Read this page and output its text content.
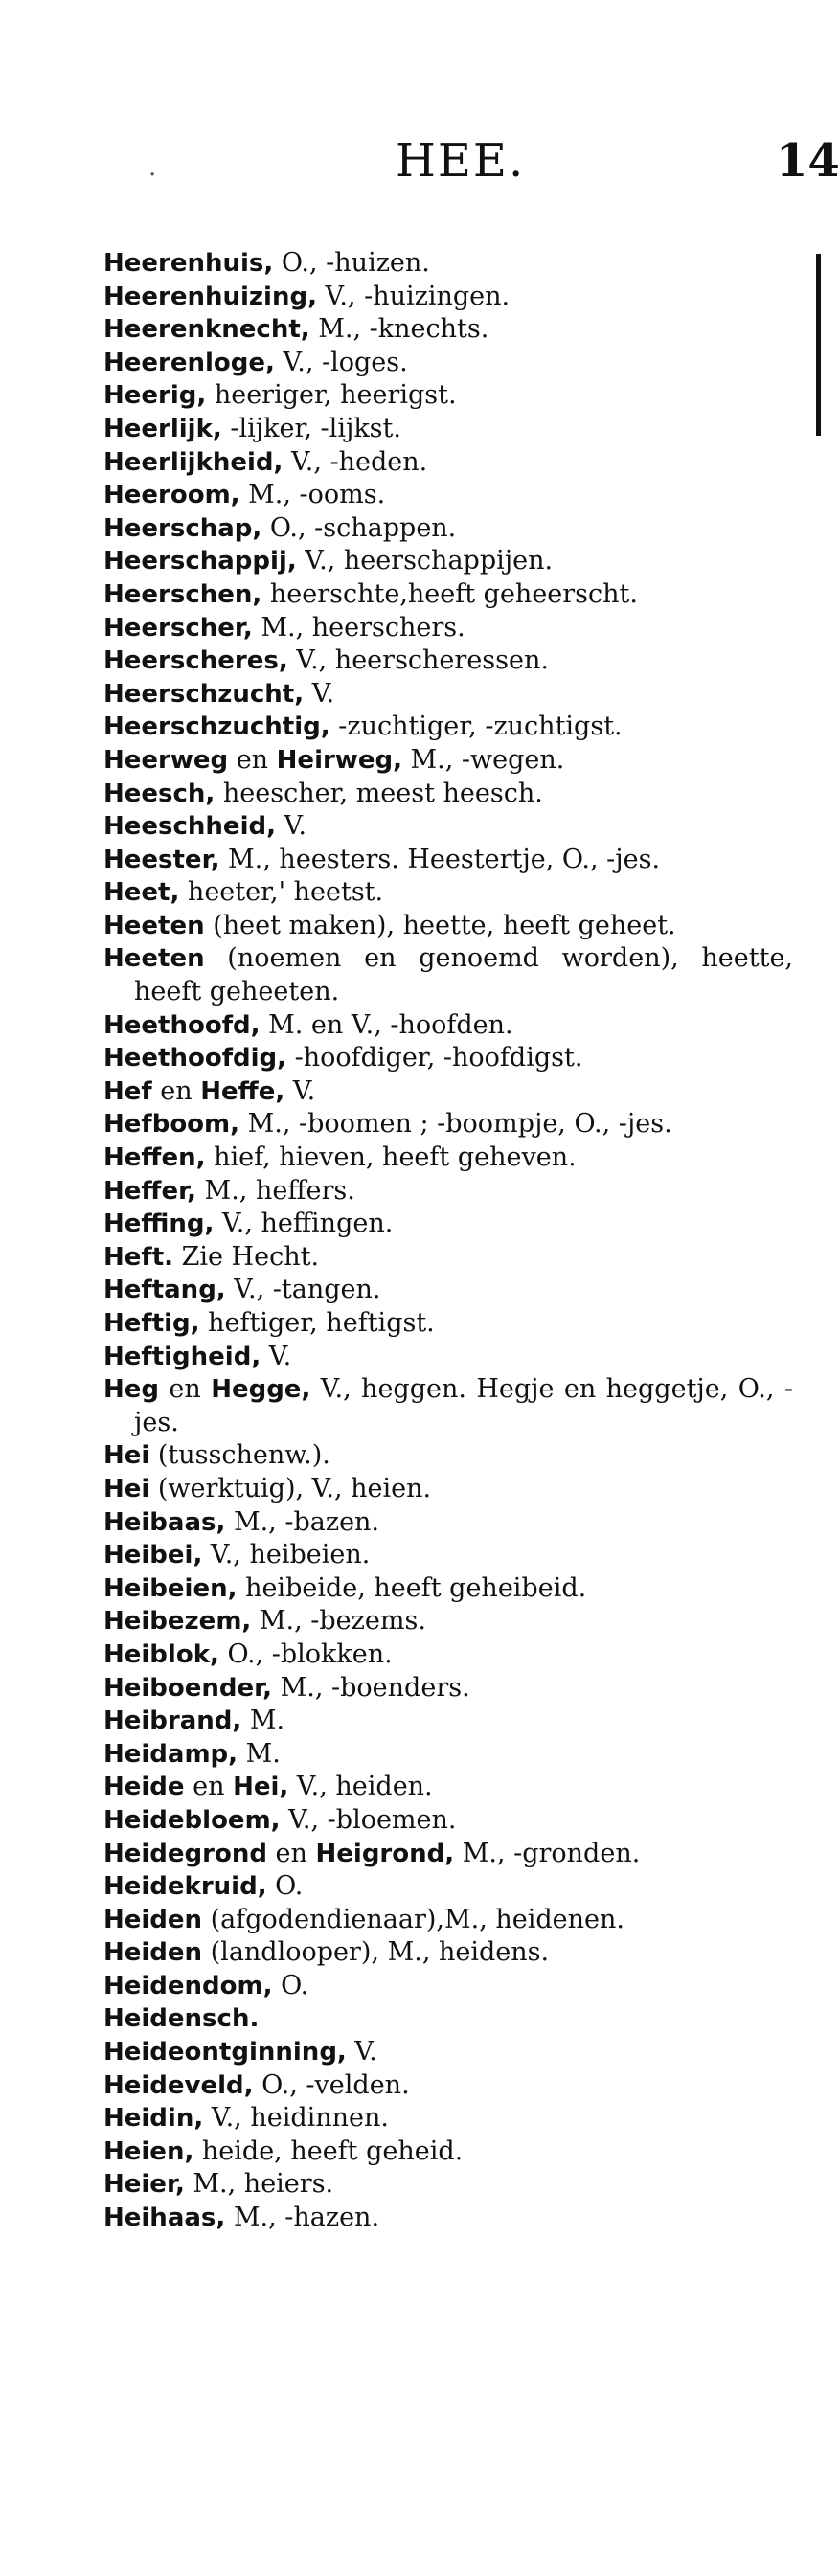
.	HEE.	14
Heerenhuis, O., -huizen.
Heerenhuizing, V., -huizingen.
Heerenknecht, M., -knechts.
Heerenloge, V., -loges.
Heerig, heeriger, heerigst.
Heerlijk, -lijker, -lijkst.
Heerlijkheid, V., -heden.
Heeroom, M., -ooms.
Heerschap, O., -schappen.
Heerschappij, V., heerschappijen.
Heerschen, heerschte,heeft geheerscht.
Heerscher, M., heerschers.
Heerscheres, V., heerscheressen.
Heerschzucht, V.
Heerschzuchtig, -zuchtiger, -zuchtigst.
Heerweg en Heirweg, M., -wegen.
Heesch, heescher, meest heesch.
Heeschheid, V.
Heester, M., heesters. Heestertje, O., -jes.
Heet, heeter,' heetst.
Heeten (heet maken), heette, heeft geheet.
Heeten (noemen en genoemd worden), heette, heeft geheeten.
Heethoofd, M. en V., -hoofden.
Heethoofdig, -hoofdiger, -hoofdigst.
Hef en Heffe, V.
Hefboom, M., -boomen ; -boompje, O., -jes.
Heffen, hief, hieven, heeft geheven.
Heffer, M., heffers.
Heffing, V., heffingen.
Heft. Zie Hecht.
Heftang, V., -tangen.
Heftig, heftiger, heftigst.
Heftigheid, V.
Heg en Hegge, V., heggen. Hegje en heggetje, O., -jes.
Hei (tusschenw.).
Hei (werktuig), V., heien.
Heibaas, M., -bazen.
Heibei, V., heibeien.
Heibeien, heibeide, heeft geheibeid.
Heibezem, M., -bezems.
Heiblok, O., -blokken.
Heiboender, M., -boenders.
Heibrand, M.
Heidamp, M.
Heide en Hei, V., heiden.
Heidebloem, V., -bloemen.
Heidegrond en Heigrond, M., -gronden.
Heidekruid, O.
Heiden (afgodendienaar),M., heidenen.
Heiden (landlooper), M., heidens.
Heidendom, O.
Heidensch.
Heideontginning, V.
Heideveld, O., -velden.
Heidin, V., heidinnen.
Heien, heide, heeft geheid.
Heier, M., heiers.
Heihaas, M., -hazen.
